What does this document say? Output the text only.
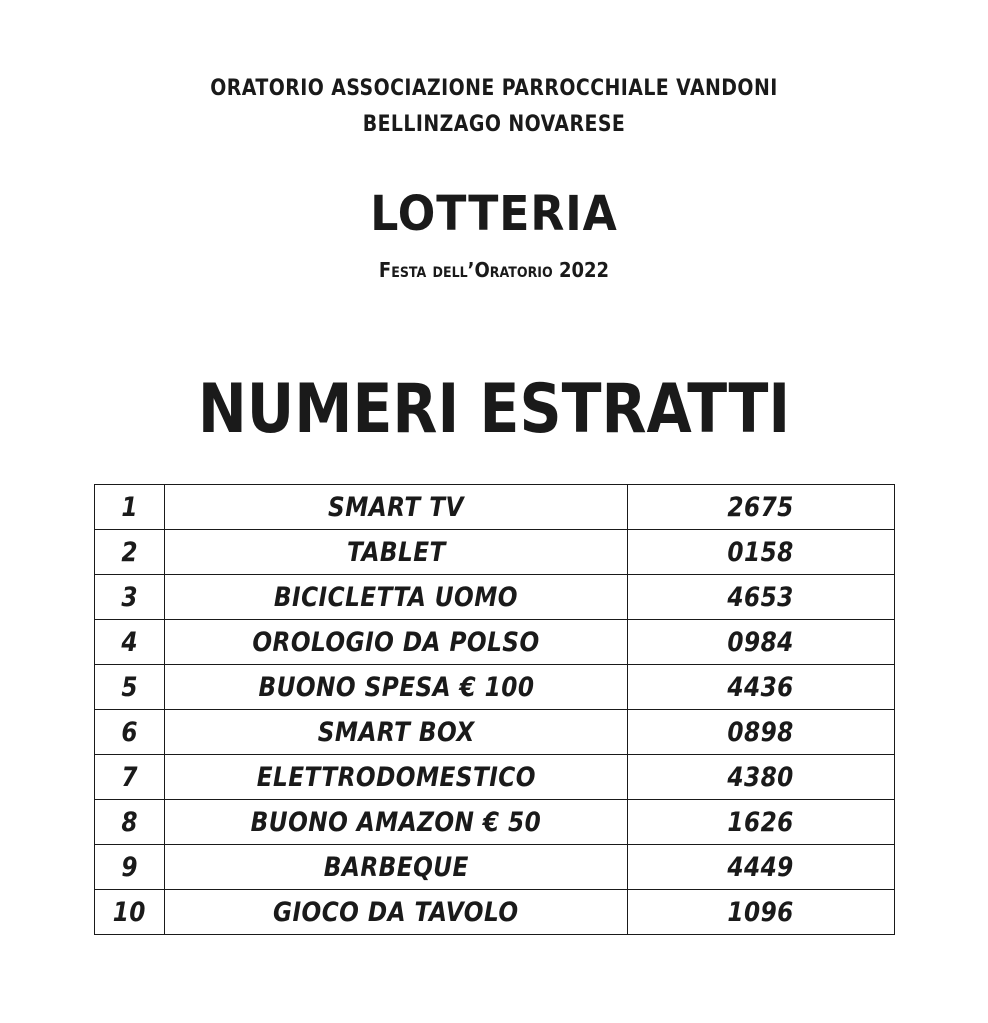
ORATORIO ASSOCIAZIONE PARROCCHIALE VANDONI
BELLINZAGO NOVARESE
LOTTERIA
Festa dell’Oratorio 2022
NUMERI ESTRATTI
1	SMART TV	2675
2	TABLET	0158
3	BICICLETTA UOMO	4653
4	OROLOGIO DA POLSO	0984
5	BUONO SPESA € 100	4436
6	SMART BOX	0898
7	ELETTRODOMESTICO	4380
8	BUONO AMAZON € 50	1626
9	BARBEQUE	4449
10	GIOCO DA TAVOLO	1096
